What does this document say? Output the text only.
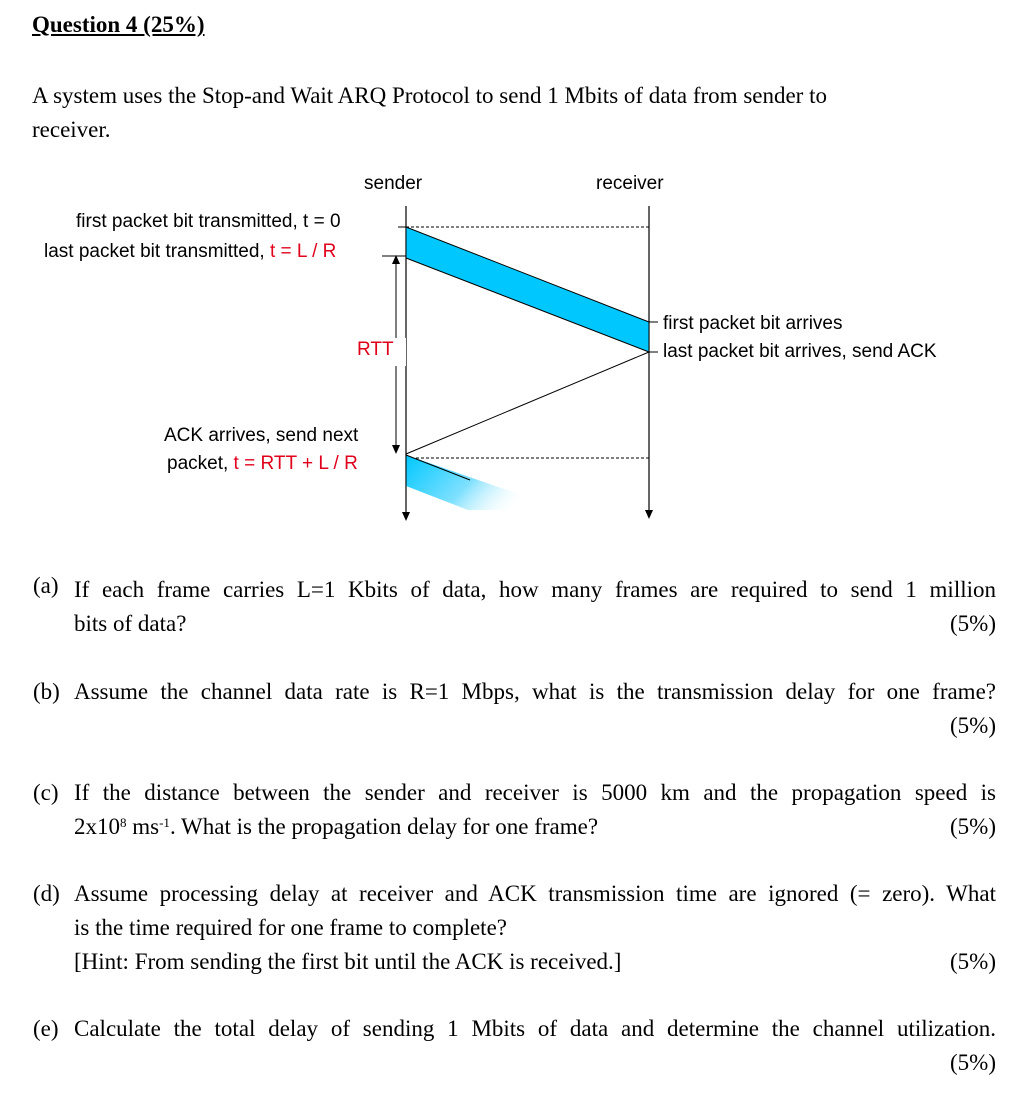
Question 4 (25%)
A system uses the Stop-and Wait ARQ Protocol to send 1 Mbits of data from sender to
receiver.
sender	receiver
first packet bit transmitted, t = 0
last packet bit transmitted, t = L / R
RTT
first packet bit arrives
last packet bit arrives, send ACK
ACK arrives, send next
packet, t = RTT + L / R
(a) If each frame carries L=1 Kbits of data, how many frames are required to send 1 million
bits of data?	(5%)
(b) Assume the channel data rate is R=1 Mbps, what is the transmission delay for one frame?
(5%)
(c) If the distance between the sender and receiver is 5000 km and the propagation speed is
$2x10^8$ $ms^{-1}$. What is the propagation delay for one frame?	(5%)
(d) Assume processing delay at receiver and ACK transmission time are ignored (= zero). What
is the time required for one frame to complete?
[Hint: From sending the first bit until the ACK is received.]	(5%)
(e) Calculate the total delay of sending 1 Mbits of data and determine the channel utilization.
(5%)
